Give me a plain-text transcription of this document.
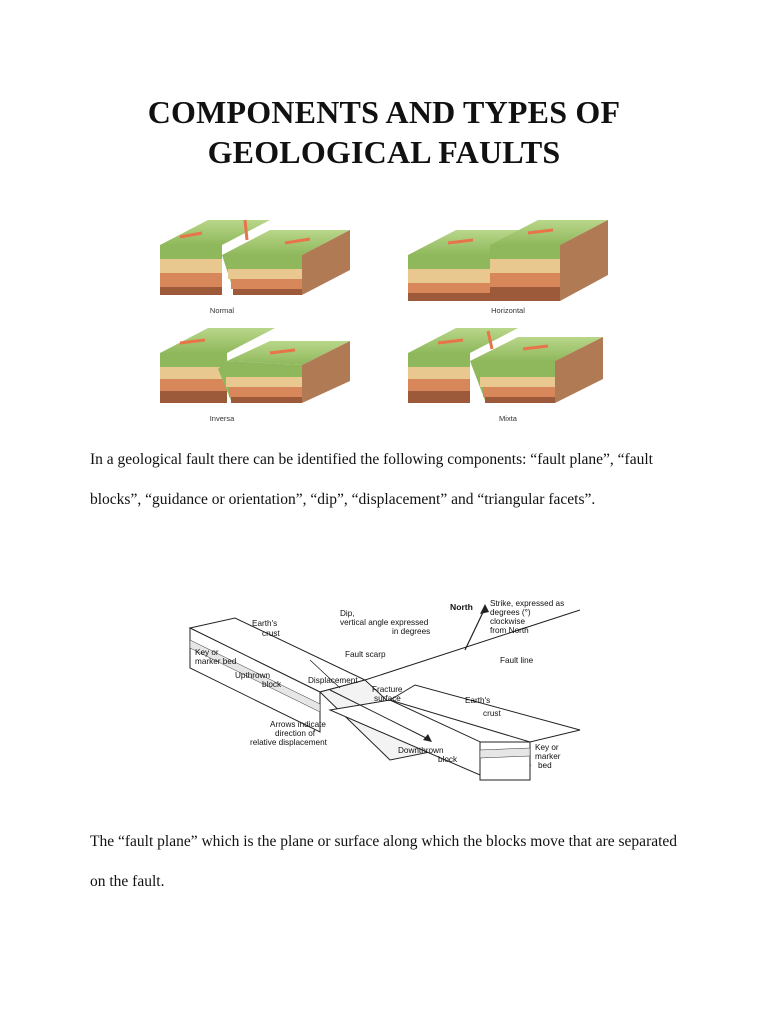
COMPONENTS AND TYPES OF
GEOLOGICAL FAULTS
Normal	Horizontal
Inversa	Mixta
In a geological fault there can be identified the following components: “fault plane”, “fault blocks”, “guidance or orientation”, “dip”, “displacement” and “triangular facets”.
Earth's
crust
Dip,
vertical angle expressed
in degrees
North Strike, expressed as
degrees (°)
clockwise
from North
Key or
marker bed
Fault scarp
Fault line
Upthrown
block	Displacement
Fracture
surface	Earth's
crust
Arrows indicate
direction of
relative displacement
Downthrown
block
Key or
marker
bed
The “fault plane” which is the plane or surface along which the blocks move that are separated on the fault.
